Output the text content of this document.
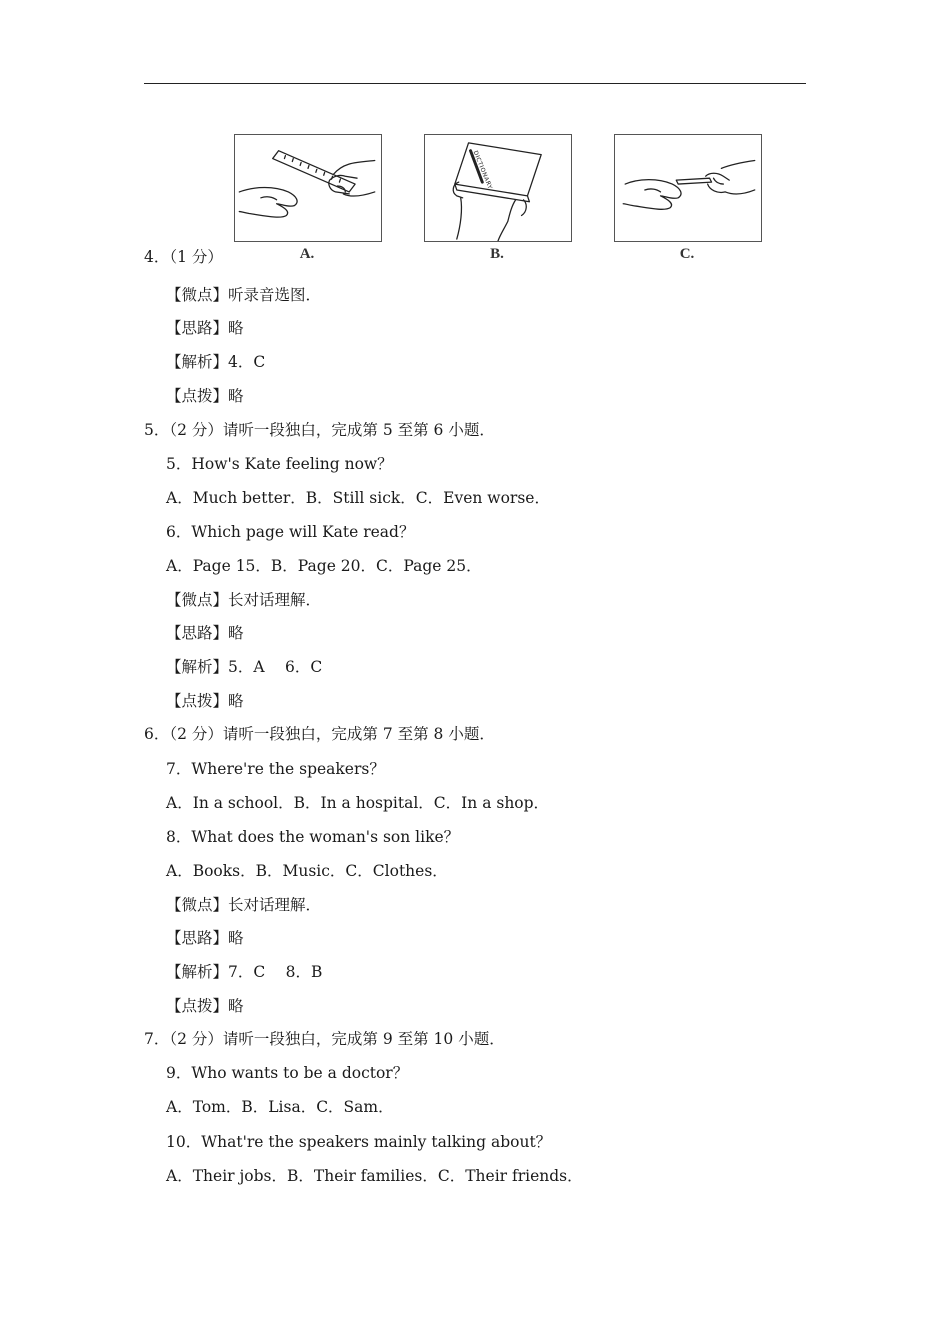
A.
DICTIONARY
B.	C.
4．（1 分）
【微点】听录音选图．
【思路】略
【解析】4．C
【点拨】略
5．（2 分）请听一段独白，完成第 5 至第 6 小题．
5．How's Kate feeling now？
A．Much better．B．Still sick．C．Even worse．
6．Which page will Kate read？
A．Page 15．B．Page 20．C．Page 25．
【微点】长对话理解．
【思路】略
【解析】5．A　 6．C
【点拨】略
6．（2 分）请听一段独白，完成第 7 至第 8 小题．
7．Where're the speakers？
A．In a school．B．In a hospital．C．In a shop．
8．What does the woman's son like？
A．Books．B．Music．C．Clothes．
【微点】长对话理解．
【思路】略
【解析】7．C　 8．B
【点拨】略
7．（2 分）请听一段独白，完成第 9 至第 10 小题．
9．Who wants to be a doctor？
A．Tom．B．Lisa．C．Sam．
10．What're the speakers mainly talking about？
A．Their jobs．B．Their families．C．Their friends．
